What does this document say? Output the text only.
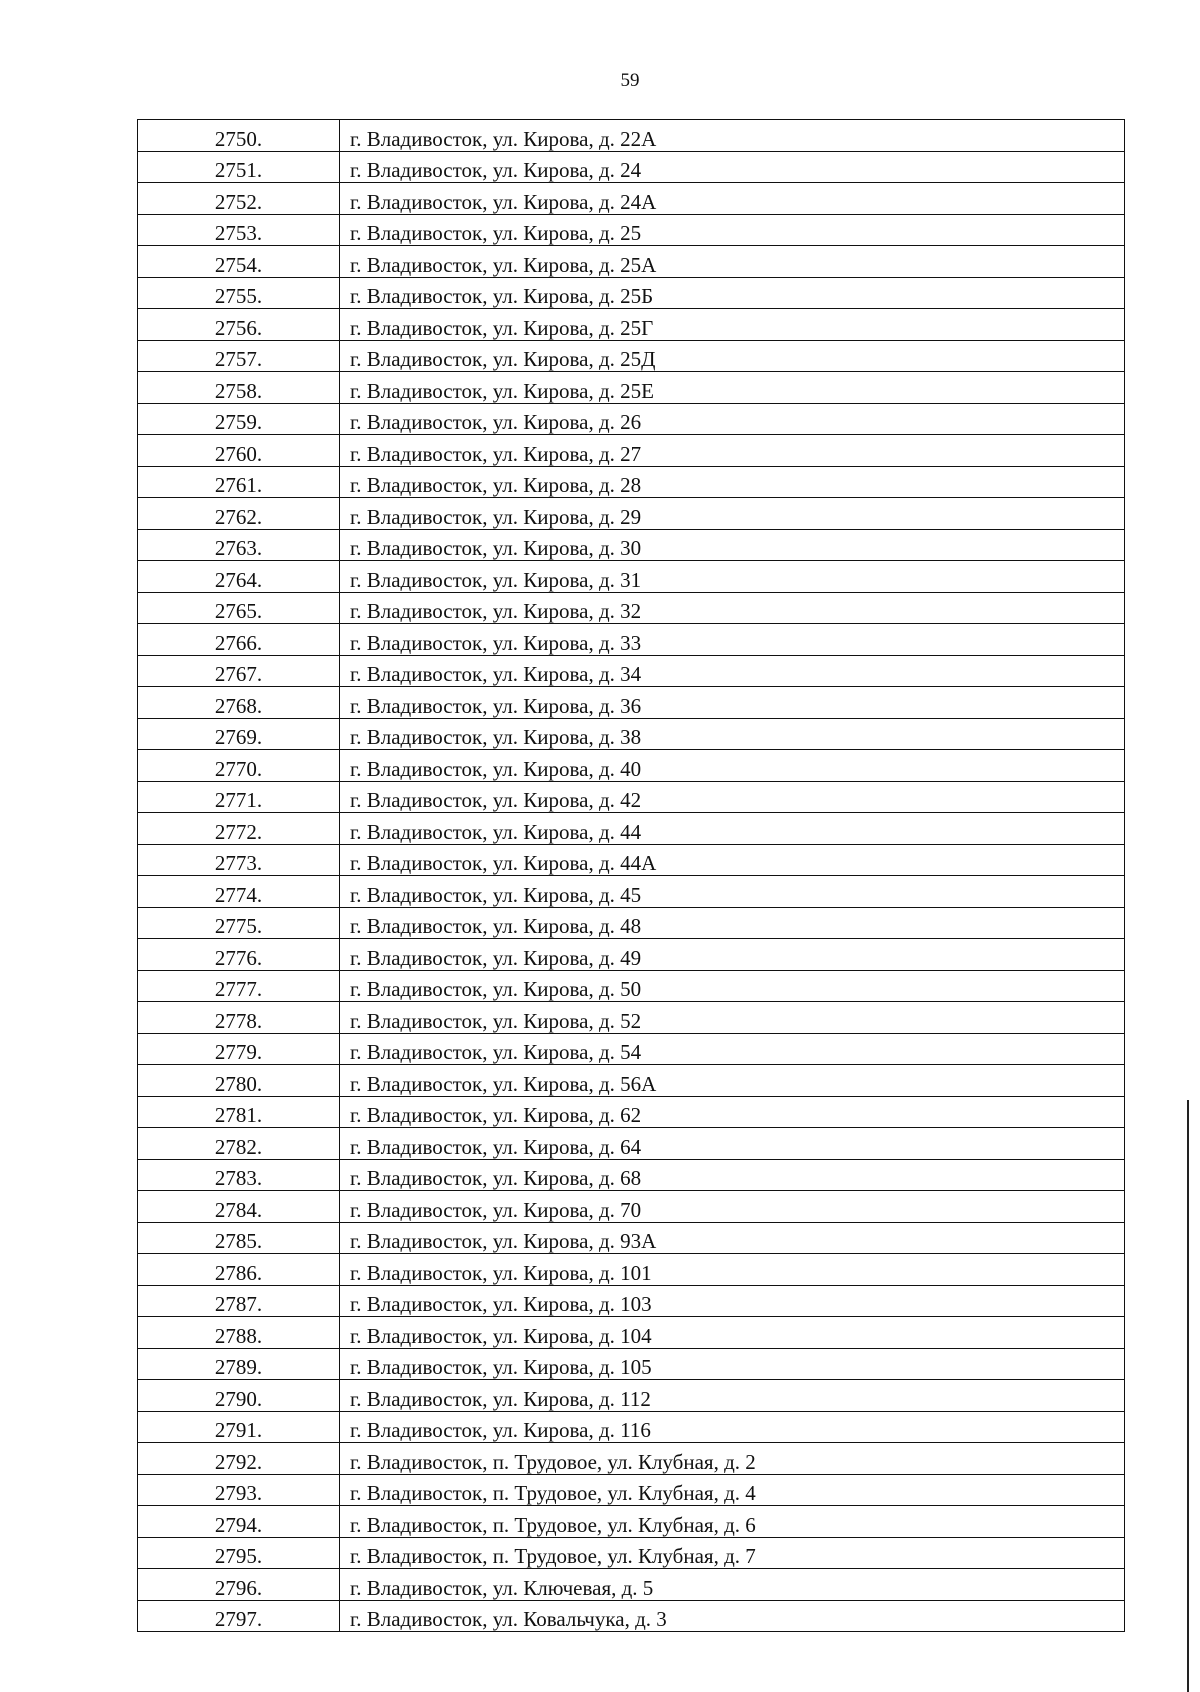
59
2750.	г. Владивосток, ул. Кирова, д. 22А
2751.	г. Владивосток, ул. Кирова, д. 24
2752.	г. Владивосток, ул. Кирова, д. 24А
2753.	г. Владивосток, ул. Кирова, д. 25
2754.	г. Владивосток, ул. Кирова, д. 25А
2755.	г. Владивосток, ул. Кирова, д. 25Б
2756.	г. Владивосток, ул. Кирова, д. 25Г
2757.	г. Владивосток, ул. Кирова, д. 25Д
2758.	г. Владивосток, ул. Кирова, д. 25Е
2759.	г. Владивосток, ул. Кирова, д. 26
2760.	г. Владивосток, ул. Кирова, д. 27
2761.	г. Владивосток, ул. Кирова, д. 28
2762.	г. Владивосток, ул. Кирова, д. 29
2763.	г. Владивосток, ул. Кирова, д. 30
2764.	г. Владивосток, ул. Кирова, д. 31
2765.	г. Владивосток, ул. Кирова, д. 32
2766.	г. Владивосток, ул. Кирова, д. 33
2767.	г. Владивосток, ул. Кирова, д. 34
2768.	г. Владивосток, ул. Кирова, д. 36
2769.	г. Владивосток, ул. Кирова, д. 38
2770.	г. Владивосток, ул. Кирова, д. 40
2771.	г. Владивосток, ул. Кирова, д. 42
2772.	г. Владивосток, ул. Кирова, д. 44
2773.	г. Владивосток, ул. Кирова, д. 44А
2774.	г. Владивосток, ул. Кирова, д. 45
2775.	г. Владивосток, ул. Кирова, д. 48
2776.	г. Владивосток, ул. Кирова, д. 49
2777.	г. Владивосток, ул. Кирова, д. 50
2778.	г. Владивосток, ул. Кирова, д. 52
2779.	г. Владивосток, ул. Кирова, д. 54
2780.	г. Владивосток, ул. Кирова, д. 56А
2781.	г. Владивосток, ул. Кирова, д. 62
2782.	г. Владивосток, ул. Кирова, д. 64
2783.	г. Владивосток, ул. Кирова, д. 68
2784.	г. Владивосток, ул. Кирова, д. 70
2785.	г. Владивосток, ул. Кирова, д. 93А
2786.	г. Владивосток, ул. Кирова, д. 101
2787.	г. Владивосток, ул. Кирова, д. 103
2788.	г. Владивосток, ул. Кирова, д. 104
2789.	г. Владивосток, ул. Кирова, д. 105
2790.	г. Владивосток, ул. Кирова, д. 112
2791.	г. Владивосток, ул. Кирова, д. 116
2792.	г. Владивосток, п. Трудовое, ул. Клубная, д. 2
2793.	г. Владивосток, п. Трудовое, ул. Клубная, д. 4
2794.	г. Владивосток, п. Трудовое, ул. Клубная, д. 6
2795.	г. Владивосток, п. Трудовое, ул. Клубная, д. 7
2796.	г. Владивосток, ул. Ключевая, д. 5
2797.	г. Владивосток, ул. Ковальчука, д. 3
